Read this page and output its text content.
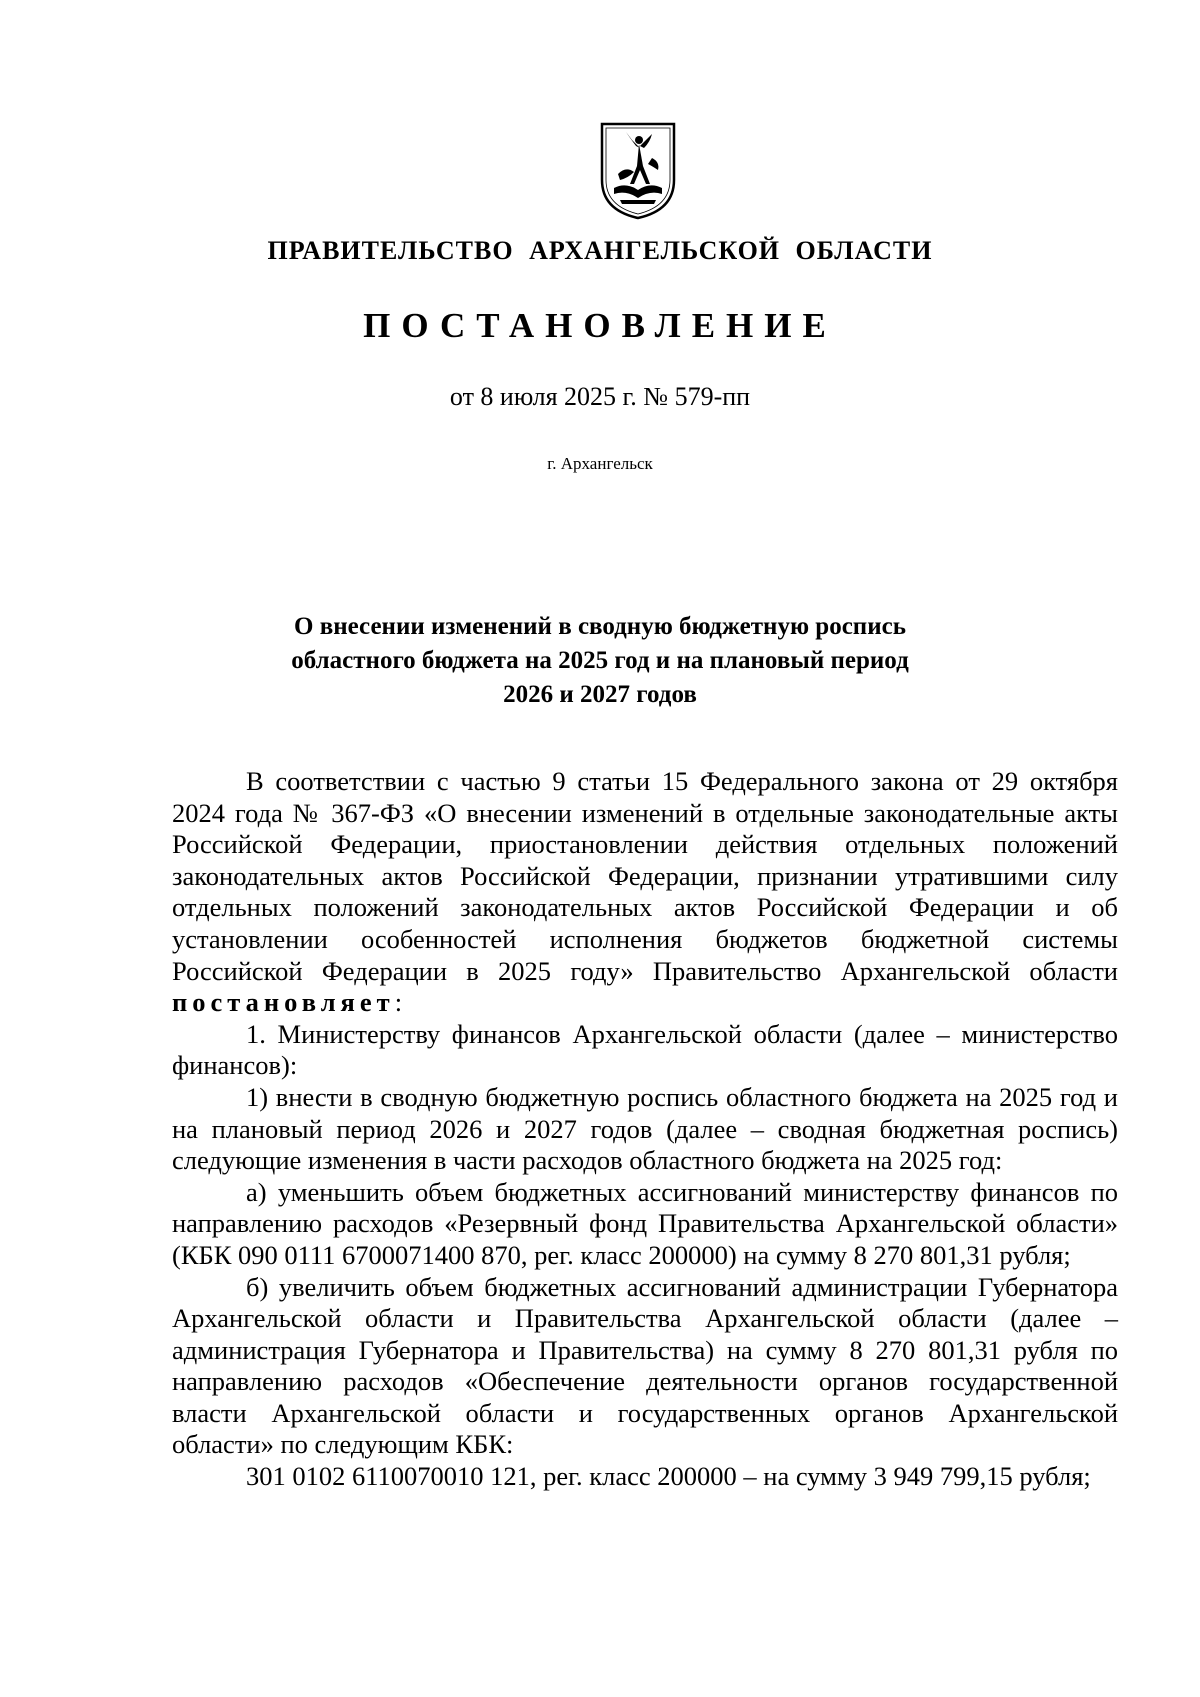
ПРАВИТЕЛЬСТВО АРХАНГЕЛЬСКОЙ ОБЛАСТИ
ПОСТАНОВЛЕНИЕ
от 8 июля 2025 г. № 579-пп
г. Архангельск
О внесении изменений в сводную бюджетную роспись
областного бюджета на 2025 год и на плановый период
2026 и 2027 годов

В соответствии с частью 9 статьи 15 Федерального закона от 29 октября 2024 года № 367-ФЗ «О внесении изменений в отдельные законодательные акты Российской Федерации, приостановлении действия отдельных положений законодательных актов Российской Федерации, признании утратившими силу отдельных положений законодательных актов Российской Федерации и об установлении особенностей исполнения бюджетов бюджетной системы Российской Федерации в 2025 году» Правительство Архангельской области постановляет:

1. Министерству финансов Архангельской области (далее – министерство финансов):

1) внести в сводную бюджетную роспись областного бюджета на 2025 год и на плановый период 2026 и 2027 годов (далее – сводная бюджетная роспись) следующие изменения в части расходов областного бюджета на 2025 год:

а) уменьшить объем бюджетных ассигнований министерству финансов по направлению расходов «Резервный фонд Правительства Архангельской области» (КБК 090 0111 6700071400 870, рег. класс 200000) на сумму 8 270 801,31 рубля;

б) увеличить объем бюджетных ассигнований администрации Губернатора Архангельской области и Правительства Архангельской области (далее – администрация Губернатора и Правительства) на сумму 8 270 801,31 рубля по направлению расходов «Обеспечение деятельности органов государственной власти Архангельской области и государственных органов Архангельской области» по следующим КБК:

301 0102 6110070010 121, рег. класс 200000 – на сумму 3 949 799,15 рубля;
